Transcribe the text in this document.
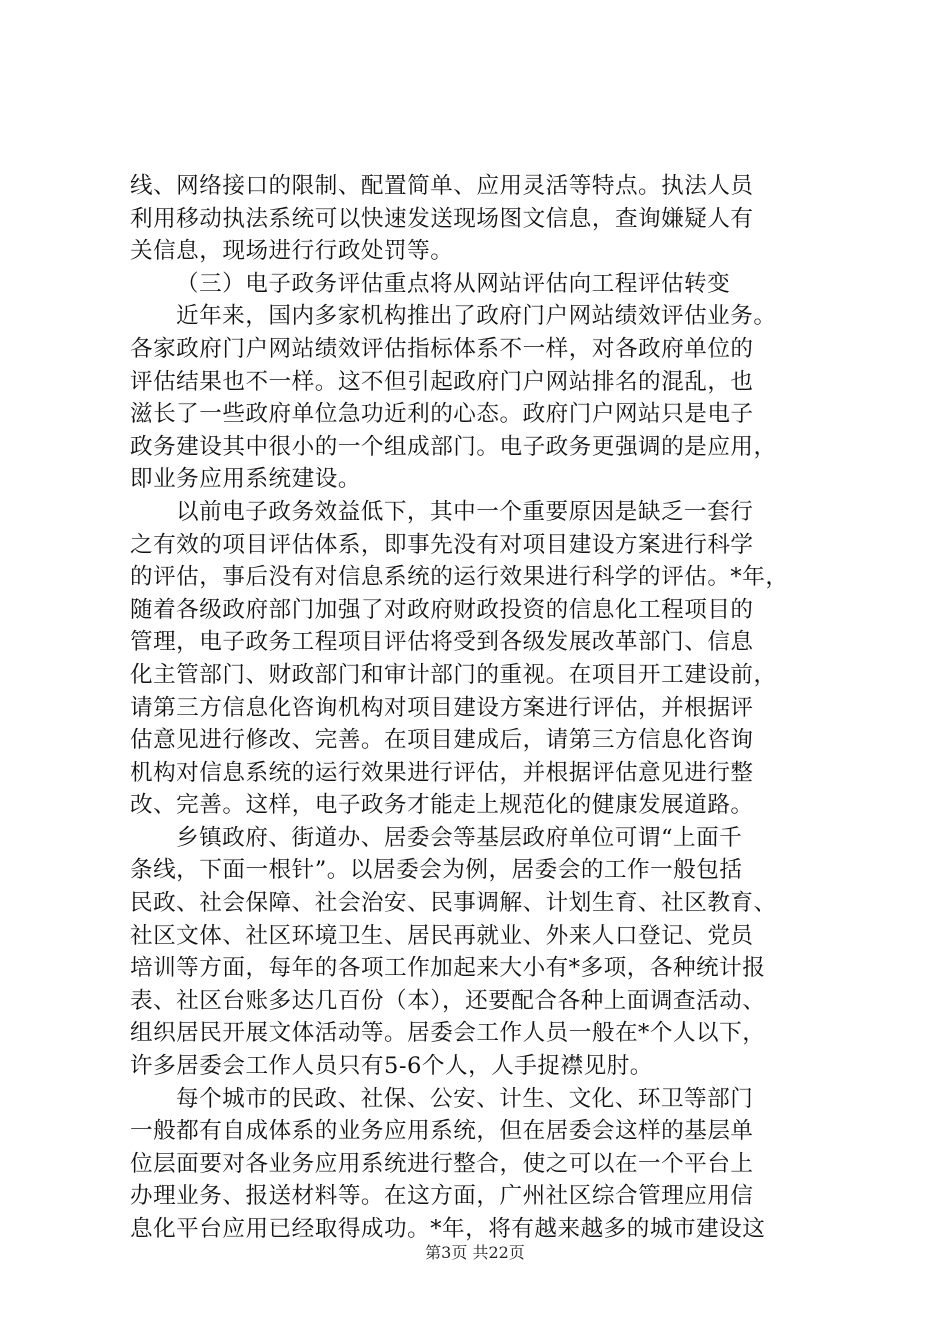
线、网络接口的限制、配置简单、应用灵活等特点。执法人员
利用移动执法系统可以快速发送现场图文信息，查询嫌疑人有
关信息，现场进行行政处罚等。
（三）电子政务评估重点将从网站评估向工程评估转变
近年来，国内多家机构推出了政府门户网站绩效评估业务。
各家政府门户网站绩效评估指标体系不一样，对各政府单位的
评估结果也不一样。这不但引起政府门户网站排名的混乱，也
滋长了一些政府单位急功近利的心态。政府门户网站只是电子
政务建设其中很小的一个组成部门。电子政务更强调的是应用，
即业务应用系统建设。
以前电子政务效益低下，其中一个重要原因是缺乏一套行
之有效的项目评估体系，即事先没有对项目建设方案进行科学
的评估，事后没有对信息系统的运行效果进行科学的评估。*年，
随着各级政府部门加强了对政府财政投资的信息化工程项目的
管理，电子政务工程项目评估将受到各级发展改革部门、信息
化主管部门、财政部门和审计部门的重视。在项目开工建设前，
请第三方信息化咨询机构对项目建设方案进行评估，并根据评
估意见进行修改、完善。在项目建成后，请第三方信息化咨询
机构对信息系统的运行效果进行评估，并根据评估意见进行整
改、完善。这样，电子政务才能走上规范化的健康发展道路。
乡镇政府、街道办、居委会等基层政府单位可谓“上面千
条线，下面一根针”。以居委会为例，居委会的工作一般包括
民政、社会保障、社会治安、民事调解、计划生育、社区教育、
社区文体、社区环境卫生、居民再就业、外来人口登记、党员
培训等方面，每年的各项工作加起来大小有*多项，各种统计报
表、社区台账多达几百份（本），还要配合各种上面调查活动、
组织居民开展文体活动等。居委会工作人员一般在*个人以下，
许多居委会工作人员只有5-6个人，人手捉襟见肘。
每个城市的民政、社保、公安、计生、文化、环卫等部门
一般都有自成体系的业务应用系统，但在居委会这样的基层单
位层面要对各业务应用系统进行整合，使之可以在一个平台上
办理业务、报送材料等。在这方面，广州社区综合管理应用信
息化平台应用已经取得成功。*年，将有越来越多的城市建设这
第3页 共22页
